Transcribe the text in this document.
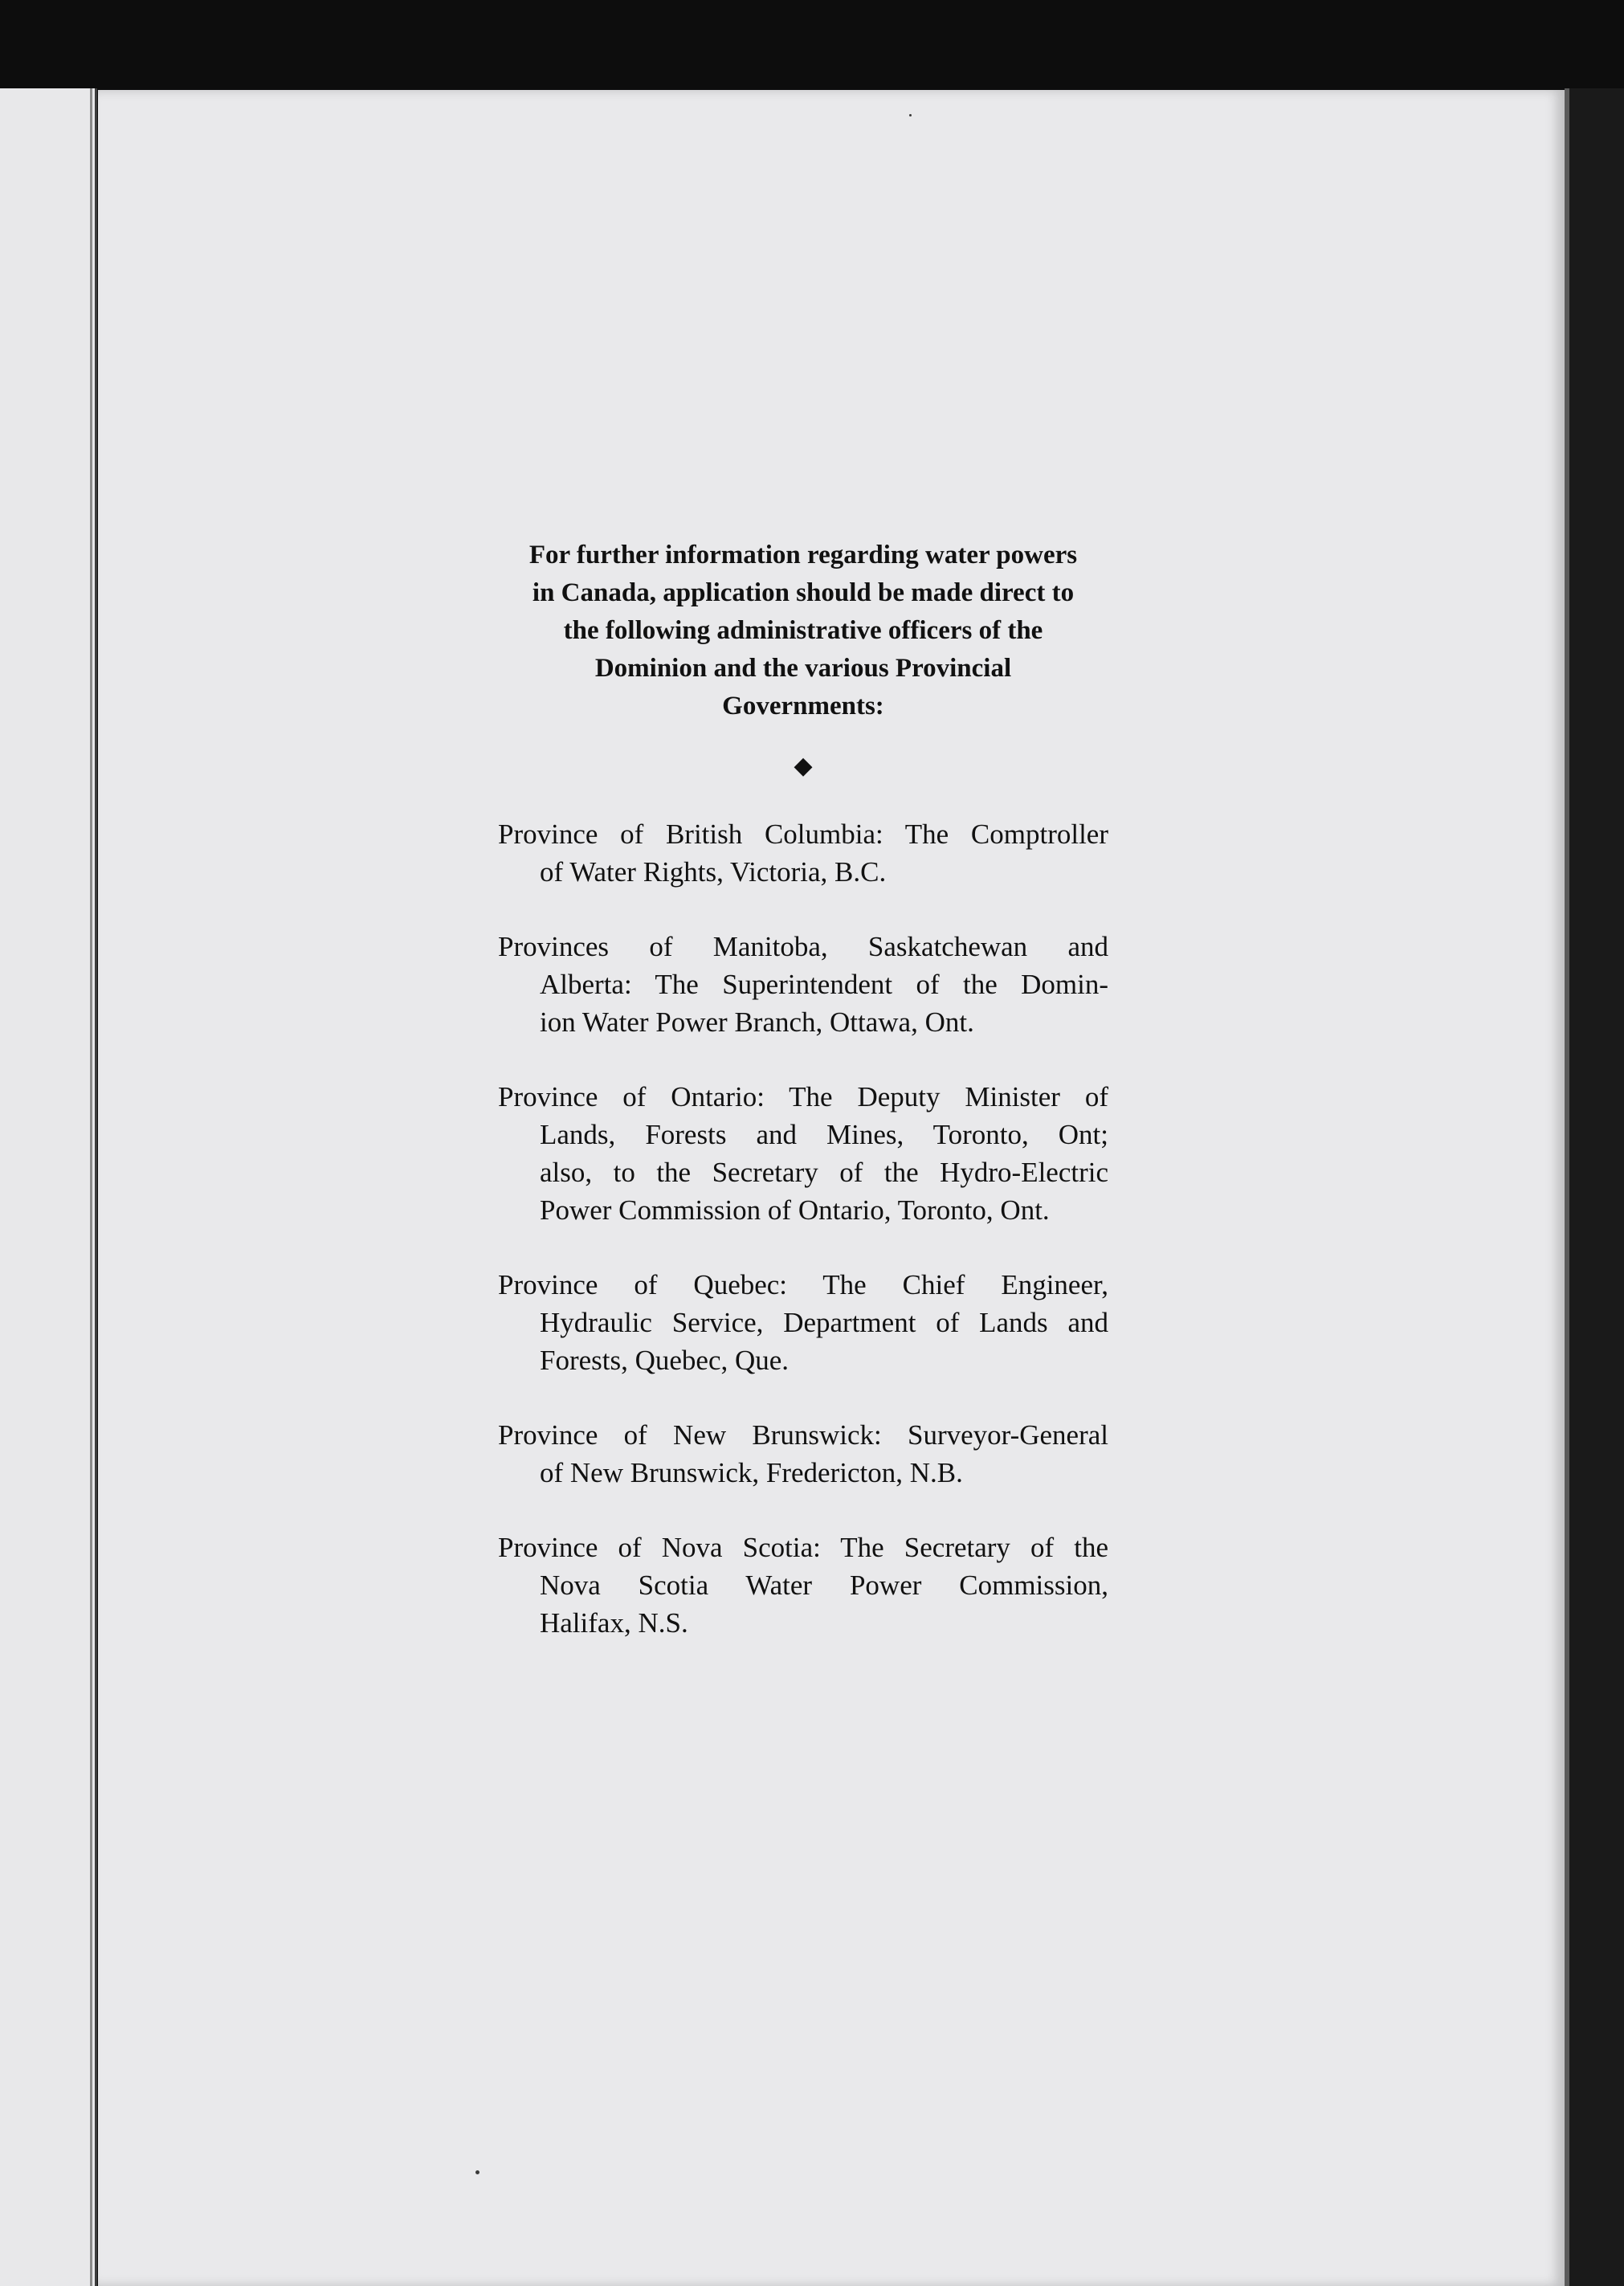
For further information regarding water powers
in Canada, application should be made direct to
the following administrative officers of the
Dominion and the various Provincial
Governments:

◆
Province of British Columbia: The Comptroller
of Water Rights, Victoria, B.C.
Provinces of Manitoba, Saskatchewan and
Alberta: The Superintendent of the Domin-
ion Water Power Branch, Ottawa, Ont.
Province of Ontario: The Deputy Minister of
Lands, Forests and Mines, Toronto, Ont;
also, to the Secretary of the Hydro-Electric
Power Commission of Ontario, Toronto, Ont.
Province of Quebec: The Chief Engineer,
Hydraulic Service, Department of Lands and
Forests, Quebec, Que.
Province of New Brunswick: Surveyor-General
of New Brunswick, Fredericton, N.B.
Province of Nova Scotia: The Secretary of the
Nova Scotia Water Power Commission,
Halifax, N.S.
